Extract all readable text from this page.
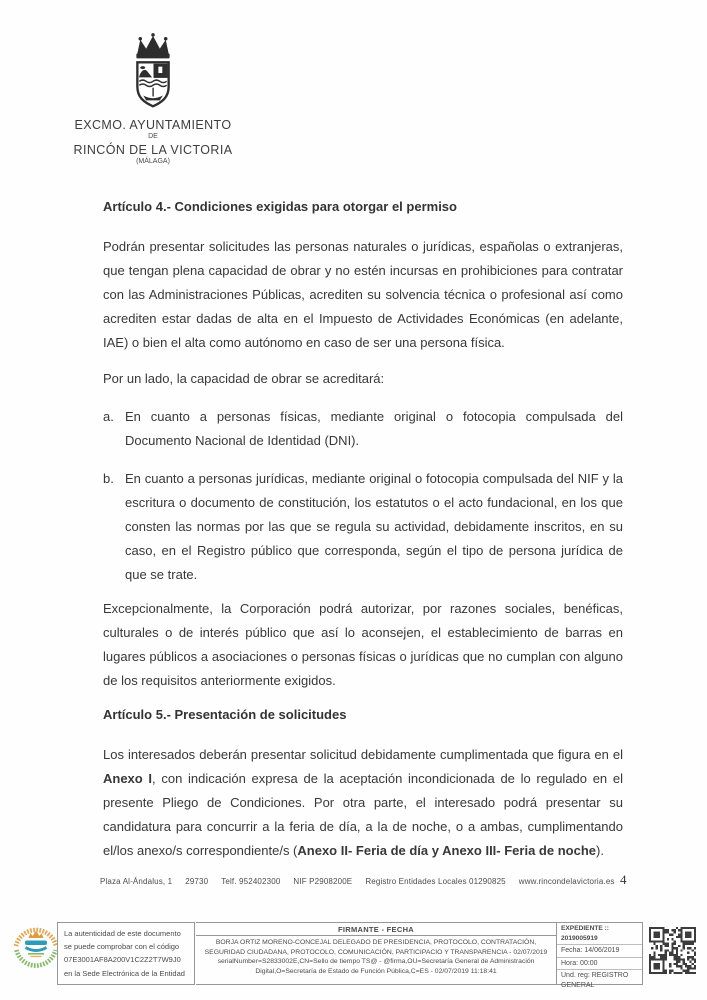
EXCMO. AYUNTAMIENTO
DE
RINCÓN DE LA VICTORIA
(MÁLAGA)
Artículo 4.- Condiciones exigidas para otorgar el permiso

Podrán presentar solicitudes las personas naturales o jurídicas, españolas o extranjeras, que tengan plena capacidad de obrar y no estén incursas en prohibiciones para contratar con las Administraciones Públicas, acrediten su solvencia técnica o profesional así como acrediten estar dadas de alta en el Impuesto de Actividades Económicas (en adelante, IAE) o bien el alta como autónomo en caso de ser una persona física.

Por un lado, la capacidad de obrar se acreditará:

a. En cuanto a personas físicas, mediante original o fotocopia compulsada del Documento Nacional de Identidad (DNI).
b. En cuanto a personas jurídicas, mediante original o fotocopia compulsada del NIF y la escritura o documento de constitución, los estatutos o el acto fundacional, en los que consten las normas por las que se regula su actividad, debidamente inscritos, en su caso, en el Registro público que corresponda, según el tipo de persona jurídica de que se trate.

Excepcionalmente, la Corporación podrá autorizar, por razones sociales, benéficas, culturales o de interés público que así lo aconsejen, el establecimiento de barras en lugares públicos a asociaciones o personas físicas o jurídicas que no cumplan con alguno de los requisitos anteriormente exigidos.

Artículo 5.- Presentación de solicitudes

Los interesados deberán presentar solicitud debidamente cumplimentada que figura en el Anexo I, con indicación expresa de la aceptación incondicionada de lo regulado en el presente Pliego de Condiciones. Por otra parte, el interesado podrá presentar su candidatura para concurrir a la feria de día, a la de noche, o a ambas, cumplimentando el/los anexo/s correspondiente/s (Anexo II- Feria de día y Anexo III- Feria de noche).

Plaza Al-Ándalus, 1 29730 Telf. 952402300 NIF P2908200E Registro Entidades Locales 01290825 www.rincondelavictoria.es 4
La autenticidad de este documento
se puede comprobar con el código
07E3001AF8A200V1C2Z2T7W9J0
en la Sede Electrónica de la Entidad
FIRMANTE - FECHA
BORJA ORTIZ MORENO-CONCEJAL DELEGADO DE PRESIDENCIA, PROTOCOLO, CONTRATACIÓN, SEGURIDAD CIUDADANA, PROTOCOLO, COMUNICACIÓN, PARTICIPACIO Y TRANSPARENCIA - 02/07/2019
serialNumber=S2833002E,CN=Sello de tiempo TS@ - @firma,OU=Secretaría General de Administración Digital,O=Secretaría de Estado de Función Pública,C=ES - 02/07/2019 11:18:41
EXPEDIENTE :: 2019005919
Fecha: 14/06/2019
Hora: 00:00
Und. reg: REGISTRO GENERAL
